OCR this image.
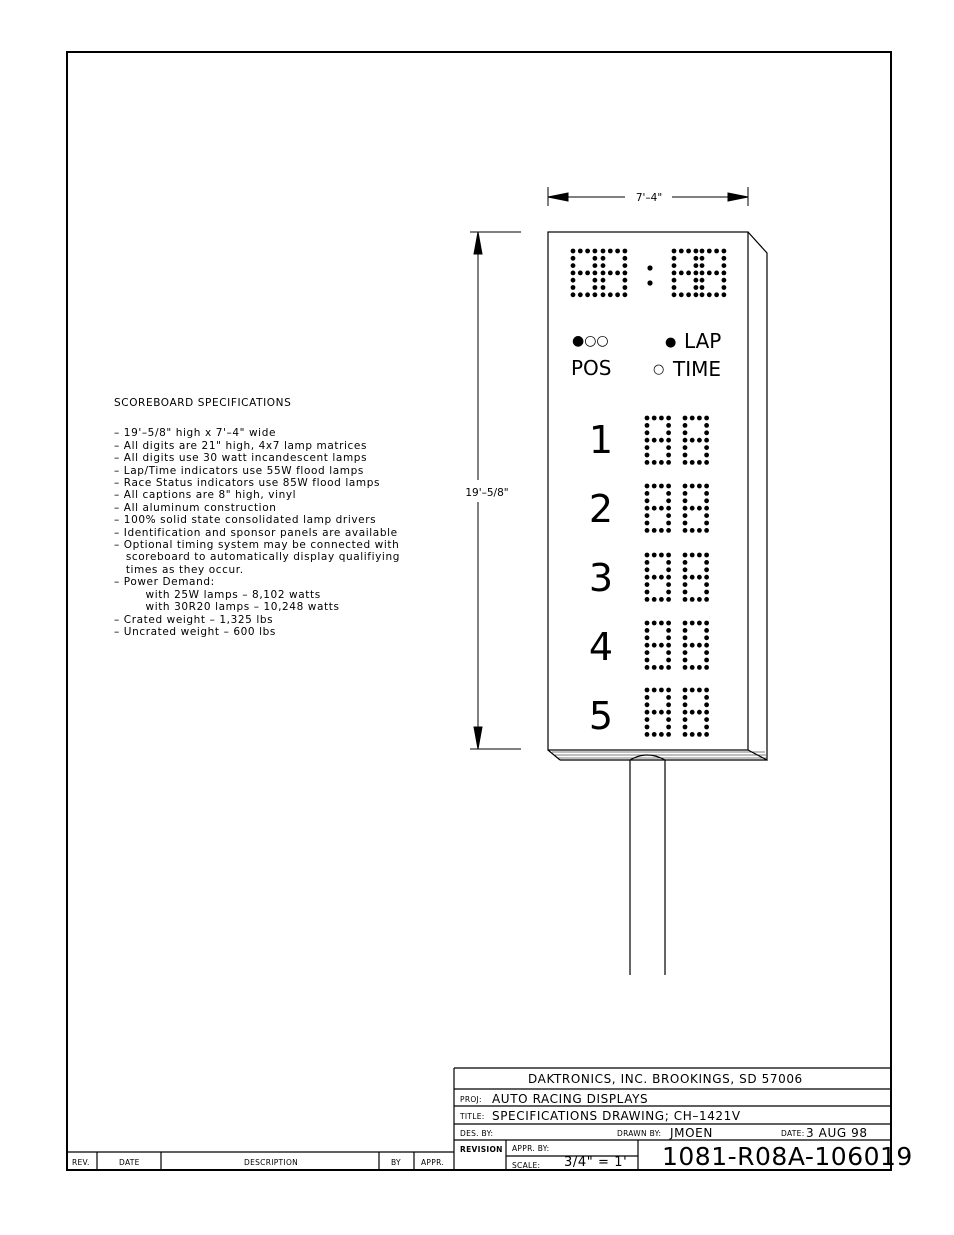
SCOREBOARD SPECIFICATIONS
– 19'–5/8" high x 7'–4" wide
– All digits are 21" high, 4x7 lamp matrices
– All digits use 30 watt incandescent lamps
– Lap/Time indicators use 55W flood lamps
– Race Status indicators use 85W flood lamps
– All captions are 8" high, vinyl
– All aluminum construction
– 100% solid state consolidated lamp drivers
– Identification and sponsor panels are available
– Optional timing system may be connected with
scoreboard to automatically display qualifiying
times as they occur.
– Power Demand:
with 25W lamps – 8,102 watts
with 30R20 lamps – 10,248 watts
– Crated weight – 1,325 lbs
– Uncrated weight – 600 lbs
7'–4"
19'–5/8"
●○○	● LAP
POS	○ TIME
1
2
3
4
5
DAKTRONICS, INC. BROOKINGS, SD 57006
PROJ: AUTO RACING DISPLAYS
TITLE: SPECIFICATIONS DRAWING; CH–1421V
DES. BY:	DRAWN BY: JMOEN	DATE: 3 AUG 98
REVISION APPR. BY:
SCALE: 3/4" = 1' 1081-R08A-106019
REV.	DATE	DESCRIPTION	BY	APPR.
